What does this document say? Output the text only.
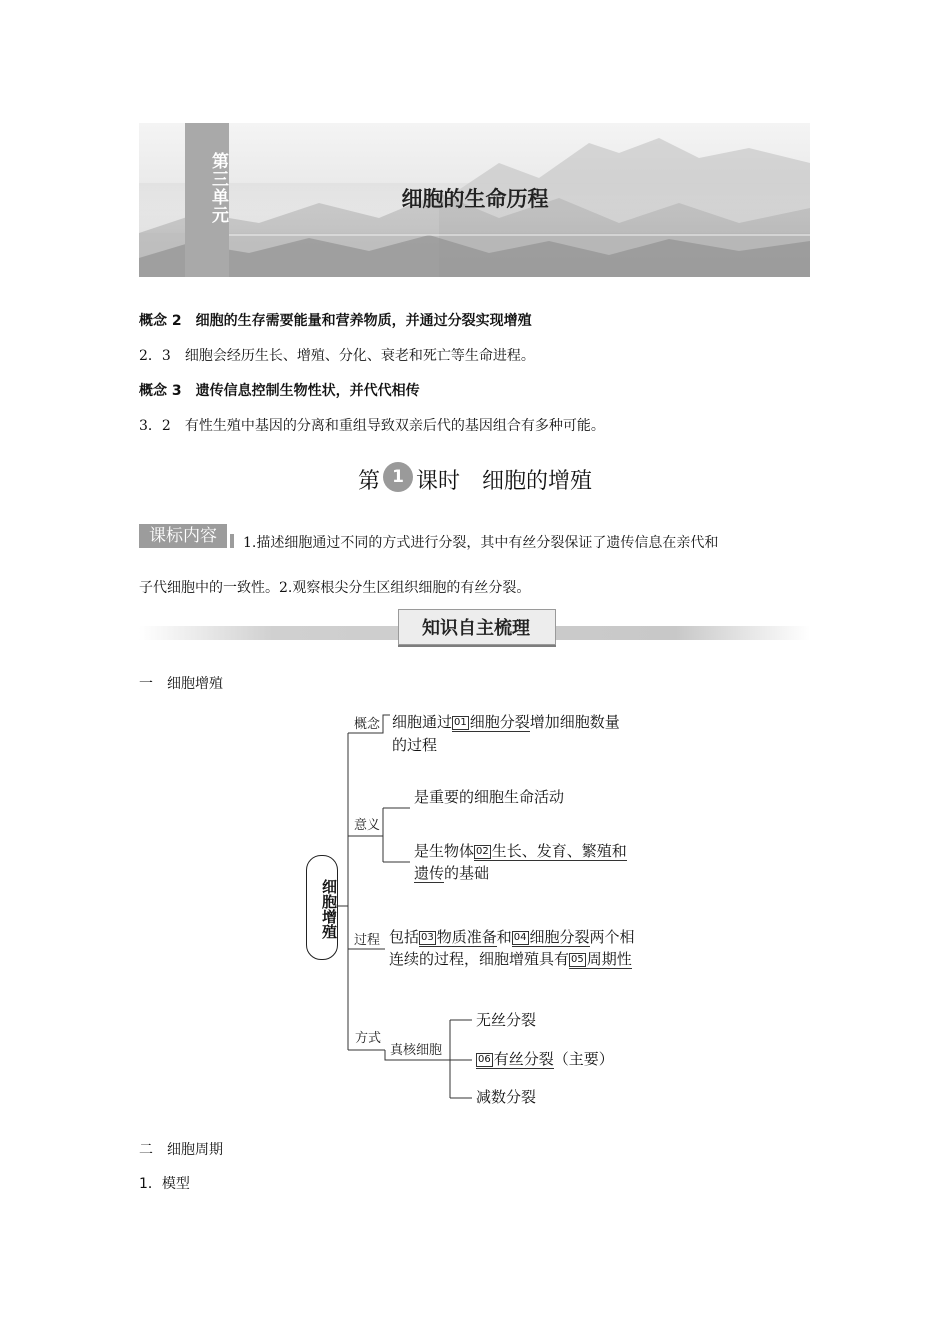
第三单元	细胞的生命历程
概念 2　细胞的生存需要能量和营养物质，并通过分裂实现增殖
2．3　细胞会经历生长、增殖、分化、衰老和死亡等生命进程。
概念 3　遗传信息控制生物性状，并代代相传
3．2　有性生殖中基因的分离和重组导致双亲后代的基因组合有多种可能。
第 1 课时　细胞的增殖
课标内容	1.描述细胞通过不同的方式进行分裂，其中有丝分裂保证了遗传信息在亲代和
子代细胞中的一致性。2.观察根尖分生区组织细胞的有丝分裂。
知识自主梳理
一　细胞增殖
细胞增殖
概念 细胞通过 01 细胞分裂增加细胞数量
的过程
意义
是重要的细胞生命活动
是生物体 02 生长、发育、繁殖和
遗传的基础
过程 包括 03 物质准备和 04 细胞分裂两个相
连续的过程，细胞增殖具有 05 周期性
方式
真核细胞
无丝分裂
06 有丝分裂（主要）
减数分裂
二　细胞周期
1．模型
